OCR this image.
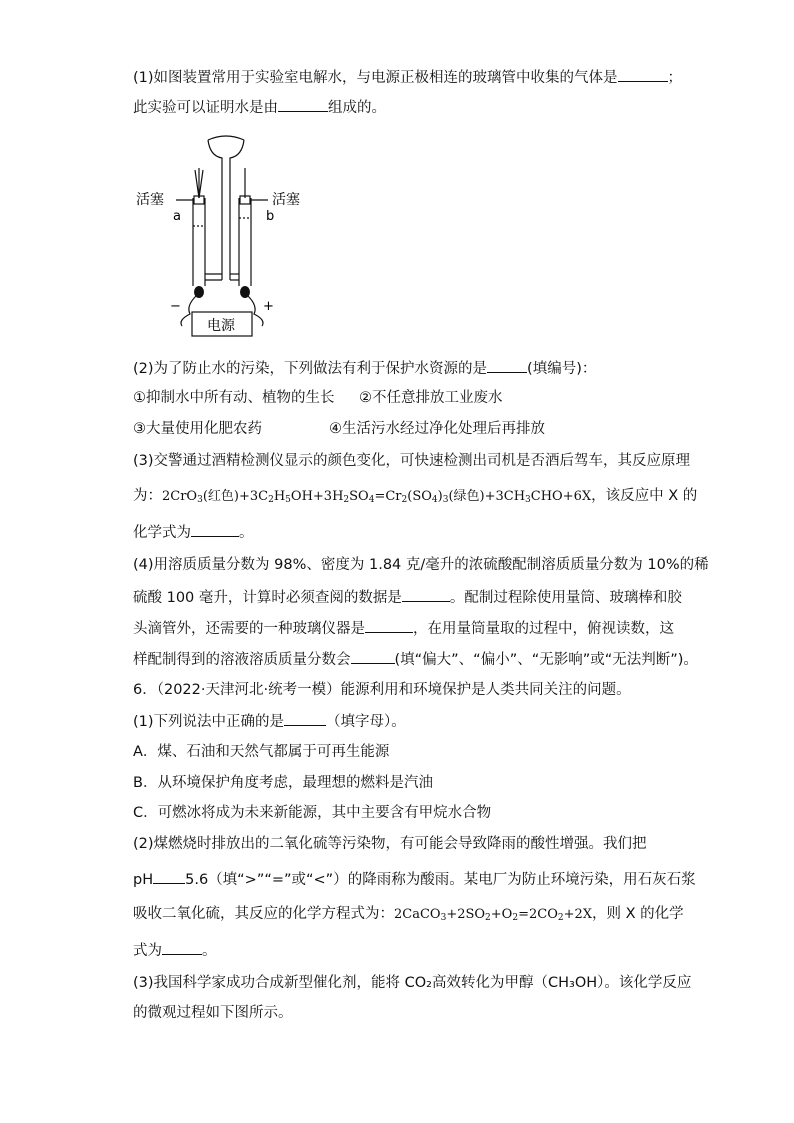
(1)如图装置常用于实验室电解水，与电源正极相连的玻璃管中收集的气体是	；
此实验可以证明水是由	组成的。
活塞	活塞
a	b
−	+
电源
(2)为了防止水的污染，下列做法有利于保护水资源的是	(填编号)：
①抑制水中所有动、植物的生长 ②不任意排放工业废水
③大量使用化肥农药	④生活污水经过净化处理后再排放
(3)交警通过酒精检测仪显示的颜色变化，可快速检测出司机是否酒后驾车，其反应原理
为：2CrO$_3$(红色)$+3C_2H_5OH+3H_2SO_4=Cr_2(SO_4)_3$(绿色)$+3CH_3CHO+6X$，该反应中 X 的
化学式为	。
(4)用溶质质量分数为 98%、密度为 1.84 克/毫升的浓硫酸配制溶质质量分数为 10%的稀
硫酸 100 毫升，计算时必须查阅的数据是	。配制过程除使用量筒、玻璃棒和胶
头滴管外，还需要的一种玻璃仪器是	，在用量筒量取的过程中，俯视读数，这
样配制得到的溶液溶质质量分数会	(填“偏大”、“偏小”、“无影响”或“无法判断”)。
6．（2022·天津河北·统考一模）能源利用和环境保护是人类共同关注的问题。
(1)下列说法中正确的是	（填字母）。
A．煤、石油和天然气都属于可再生能源
B．从环境保护角度考虑，最理想的燃料是汽油
C．可燃冰将成为未来新能源，其中主要含有甲烷水合物
(2)煤燃烧时排放出的二氧化硫等污染物，有可能会导致降雨的酸性增强。我们把
pH 5.6（填“>”“=”或“<”）的降雨称为酸雨。某电厂为防止环境污染，用石灰石浆
吸收二氧化硫，其反应的化学方程式为：$2CaCO_3+2SO_2+O_2=2CO_2+2X$，则 X 的化学
式为	。
(3)我国科学家成功合成新型催化剂，能将 CO₂高效转化为甲醇（CH₃OH）。该化学反应
的微观过程如下图所示。
